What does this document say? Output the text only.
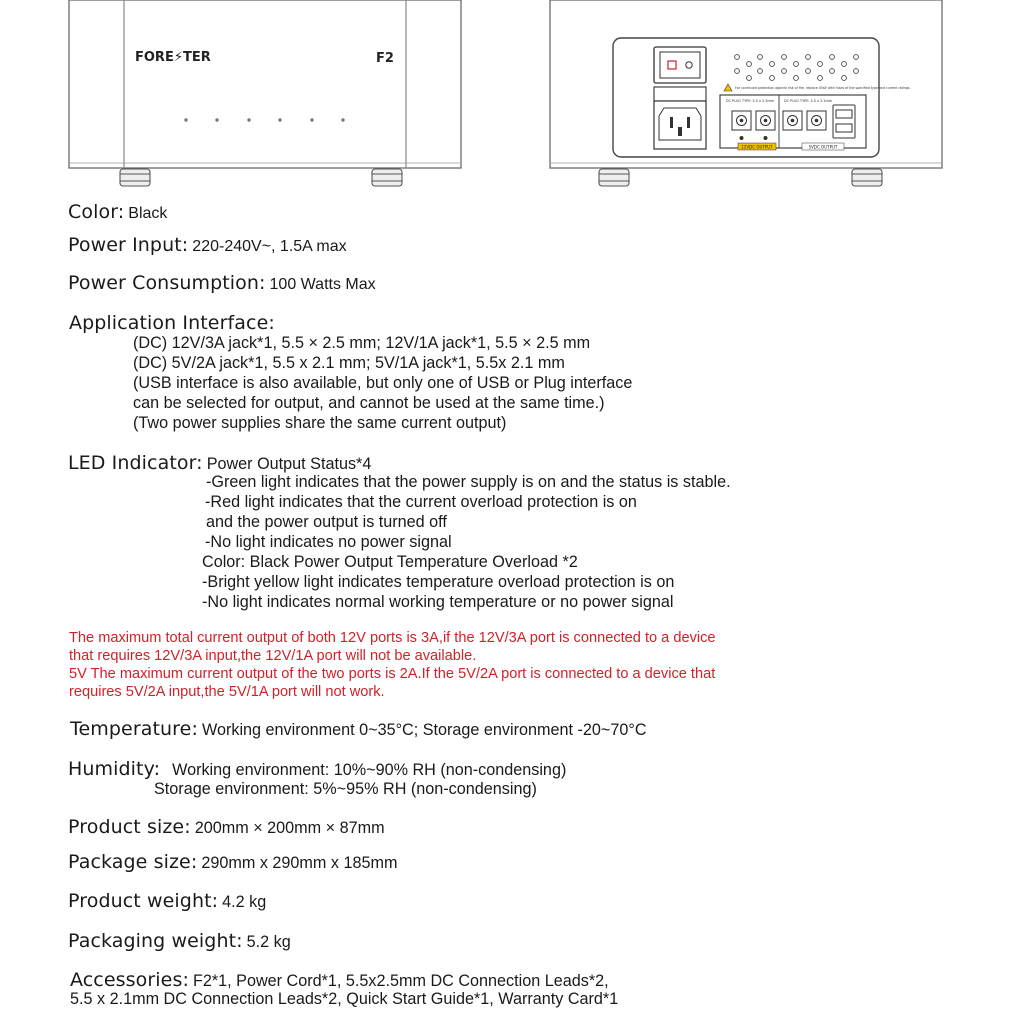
FORE⚡TER	F2
For continued protection against risk of fire, replace ONLY with fuses of the specified type and current ratings.
DC PLUG TYPE: 5.5 x 2.5mm	DC PLUG TYPE: 5.5 x 2.1mm
12VDC OUTPUT	5VDC OUTPUT
Color: Black
Power Input: 220-240V~, 1.5A max
Power Consumption: 100 Watts Max
Application Interface:
(DC) 12V/3A jack*1, 5.5 × 2.5 mm; 12V/1A jack*1, 5.5 × 2.5 mm
(DC) 5V/2A jack*1, 5.5 x 2.1 mm; 5V/1A jack*1, 5.5x 2.1 mm
(USB interface is also available, but only one of USB or Plug interface
can be selected for output, and cannot be used at the same time.)
(Two power supplies share the same current output)
LED Indicator: Power Output Status*4
-Green light indicates that the power supply is on and the status is stable.
-Red light indicates that the current overload protection is on
and the power output is turned off
-No light indicates no power signal
Color: Black Power Output Temperature Overload *2
-Bright yellow light indicates temperature overload protection is on
-No light indicates normal working temperature or no power signal
The maximum total current output of both 12V ports is 3A,if the 12V/3A port is connected to a device
that requires 12V/3A input,the 12V/1A port will not be available.
5V The maximum current output of the two ports is 2A.If the 5V/2A port is connected to a device that
requires 5V/2A input,the 5V/1A port will not work.
Temperature: Working environment 0~35°C; Storage environment -20~70°C
Humidity: Working environment: 10%~90% RH (non-condensing)
Storage environment: 5%~95% RH (non-condensing)
Product size: 200mm × 200mm × 87mm
Package size: 290mm x 290mm x 185mm
Product weight: 4.2 kg
Packaging weight: 5.2 kg
Accessories: F2*1, Power Cord*1, 5.5x2.5mm DC Connection Leads*2,
5.5 x 2.1mm DC Connection Leads*2, Quick Start Guide*1, Warranty Card*1
